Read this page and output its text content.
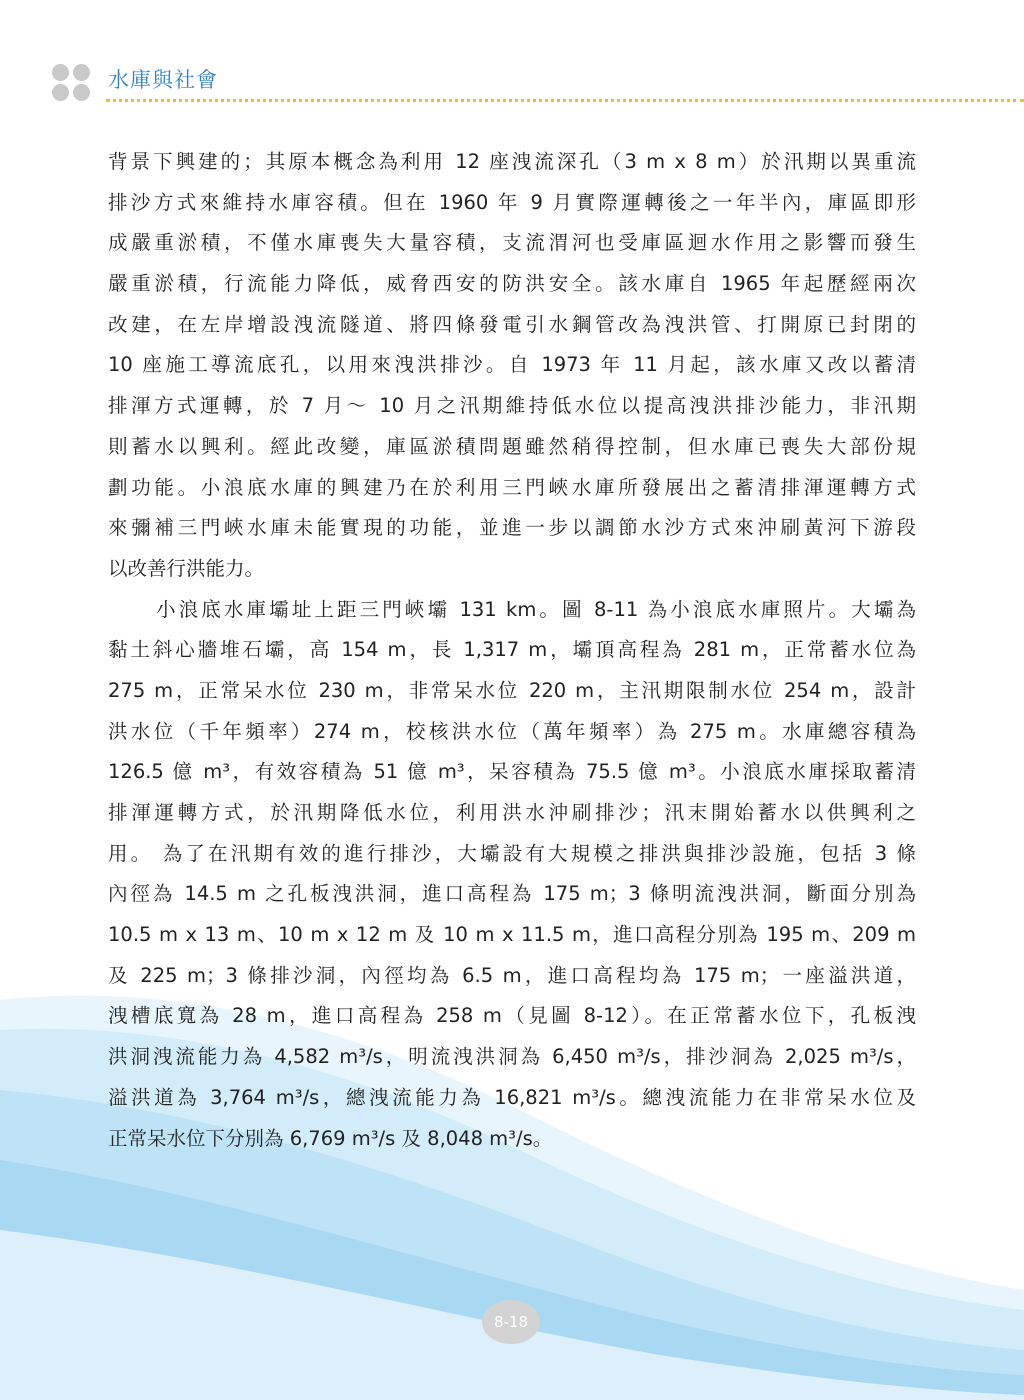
水庫與社會
背景下興建的；其原本概念為利用 12 座洩流深孔（3 m x 8 m）於汛期以異重流
排沙方式來維持水庫容積。但在 1960 年 9 月實際運轉後之一年半內，庫區即形
成嚴重淤積，不僅水庫喪失大量容積，支流渭河也受庫區迴水作用之影響而發生
嚴重淤積，行流能力降低，威脅西安的防洪安全。該水庫自 1965 年起歷經兩次
改建，在左岸增設洩流隧道、將四條發電引水鋼管改為洩洪管、打開原已封閉的
10 座施工導流底孔，以用來洩洪排沙。自 1973 年 11 月起，該水庫又改以蓄清
排渾方式運轉，於 7 月～ 10 月之汛期維持低水位以提高洩洪排沙能力，非汛期
則蓄水以興利。經此改變，庫區淤積問題雖然稍得控制，但水庫已喪失大部份規
劃功能。小浪底水庫的興建乃在於利用三門峽水庫所發展出之蓄清排渾運轉方式
來彌補三門峽水庫未能實現的功能，並進一步以調節水沙方式來沖刷黃河下游段
以改善行洪能力。
小浪底水庫壩址上距三門峽壩 131 km。圖 8-11 為小浪底水庫照片。大壩為
黏土斜心牆堆石壩，高 154 m，長 1,317 m，壩頂高程為 281 m，正常蓄水位為
275 m，正常呆水位 230 m，非常呆水位 220 m，主汛期限制水位 254 m，設計
洪水位（千年頻率）274 m，校核洪水位（萬年頻率）為 275 m。水庫總容積為
126.5 億 m³，有效容積為 51 億 m³，呆容積為 75.5 億 m³。小浪底水庫採取蓄清
排渾運轉方式，於汛期降低水位，利用洪水沖刷排沙；汛末開始蓄水以供興利之
用。 為了在汛期有效的進行排沙，大壩設有大規模之排洪與排沙設施，包括 3 條
內徑為 14.5 m 之孔板洩洪洞，進口高程為 175 m；3 條明流洩洪洞，斷面分別為
10.5 m x 13 m、10 m x 12 m 及 10 m x 11.5 m，進口高程分別為 195 m、209 m
及 225 m；3 條排沙洞，內徑均為 6.5 m，進口高程均為 175 m；一座溢洪道，
洩槽底寬為 28 m，進口高程為 258 m（見圖 8-12）。在正常蓄水位下，孔板洩
洪洞洩流能力為 4,582 m³/s，明流洩洪洞為 6,450 m³/s，排沙洞為 2,025 m³/s，
溢洪道為 3,764 m³/s，總洩流能力為 16,821 m³/s。總洩流能力在非常呆水位及
正常呆水位下分別為 6,769 m³/s 及 8,048 m³/s。
8-18
